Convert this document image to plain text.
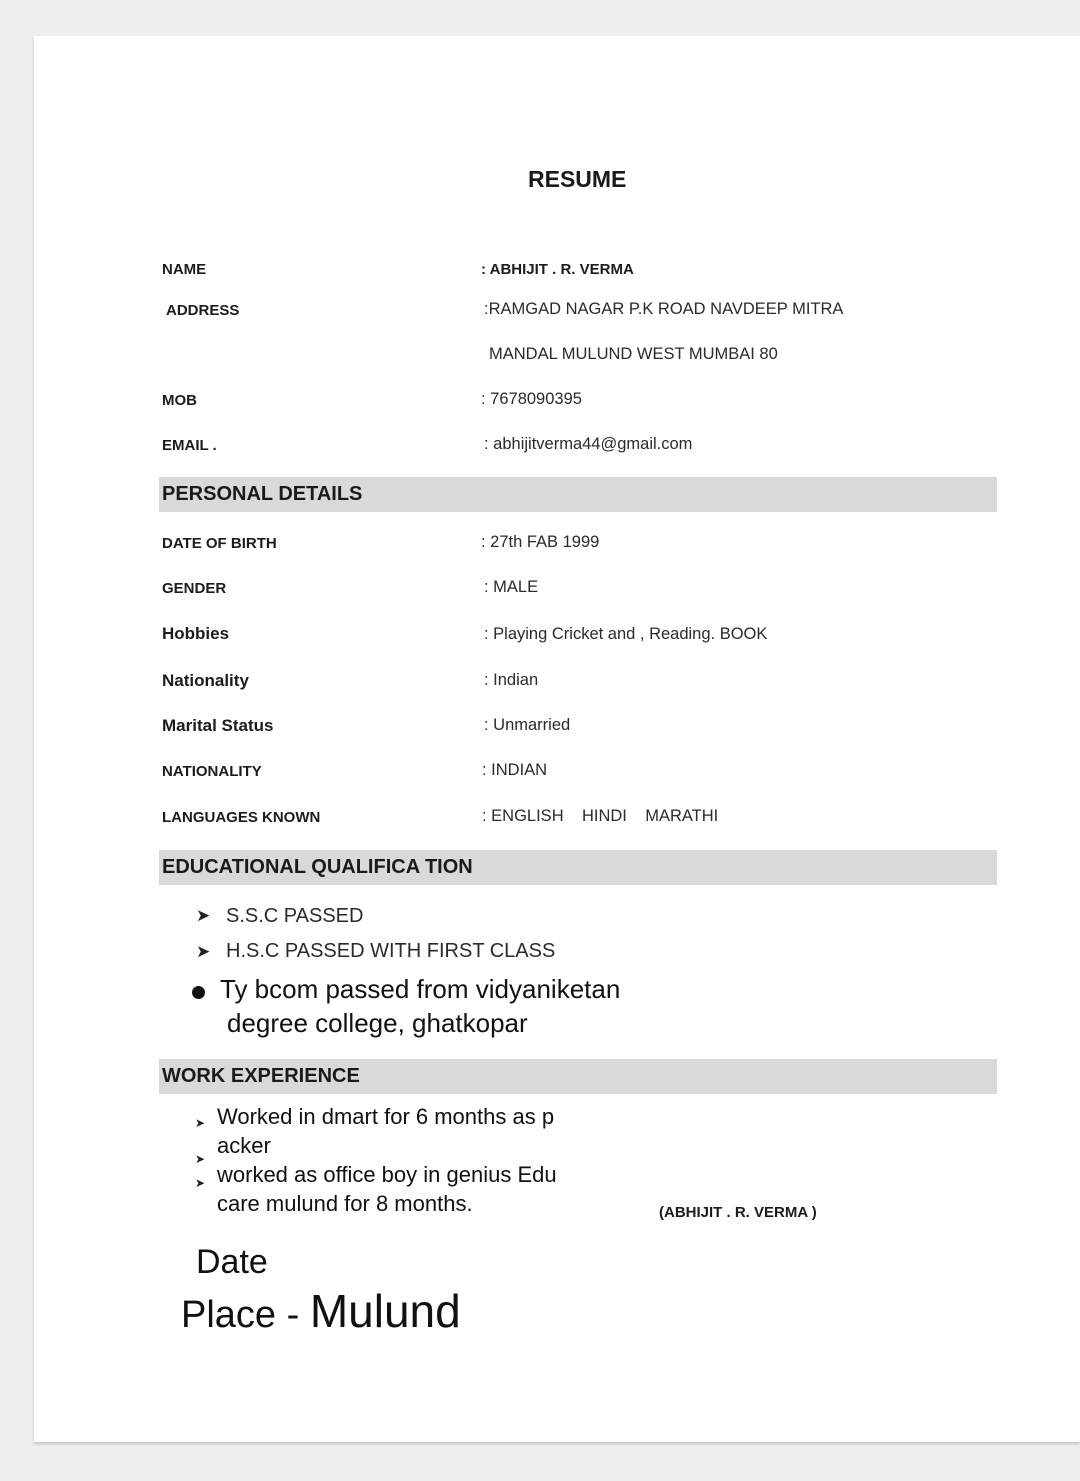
RESUME
NAME	: ABHIJIT . R. VERMA
ADDRESS	:RAMGAD NAGAR P.K ROAD NAVDEEP MITRA
MANDAL MULUND WEST MUMBAI 80
MOB	: 7678090395
EMAIL .	: abhijitverma44@gmail.com
PERSONAL DETAILS
DATE OF BIRTH	: 27th FAB 1999
GENDER	: MALE
Hobbies	: Playing Cricket and , Reading. BOOK
Nationality	: Indian
Marital Status	: Unmarried
NATIONALITY	: INDIAN
LANGUAGES KNOWN	: ENGLISH    HINDI    MARATHI
EDUCATIONAL QUALIFICA TION
➤ S.S.C PASSED
➤ H.S.C PASSED WITH FIRST CLASS
Ty bcom passed from vidyaniketan
degree college, ghatkopar
WORK EXPERIENCE
➤
➤
➤
Worked in dmart for 6 months as p
acker
worked as office boy in genius Edu
care mulund for 8 months.	(ABHIJIT . R. VERMA )
Date
Place - Mulund
